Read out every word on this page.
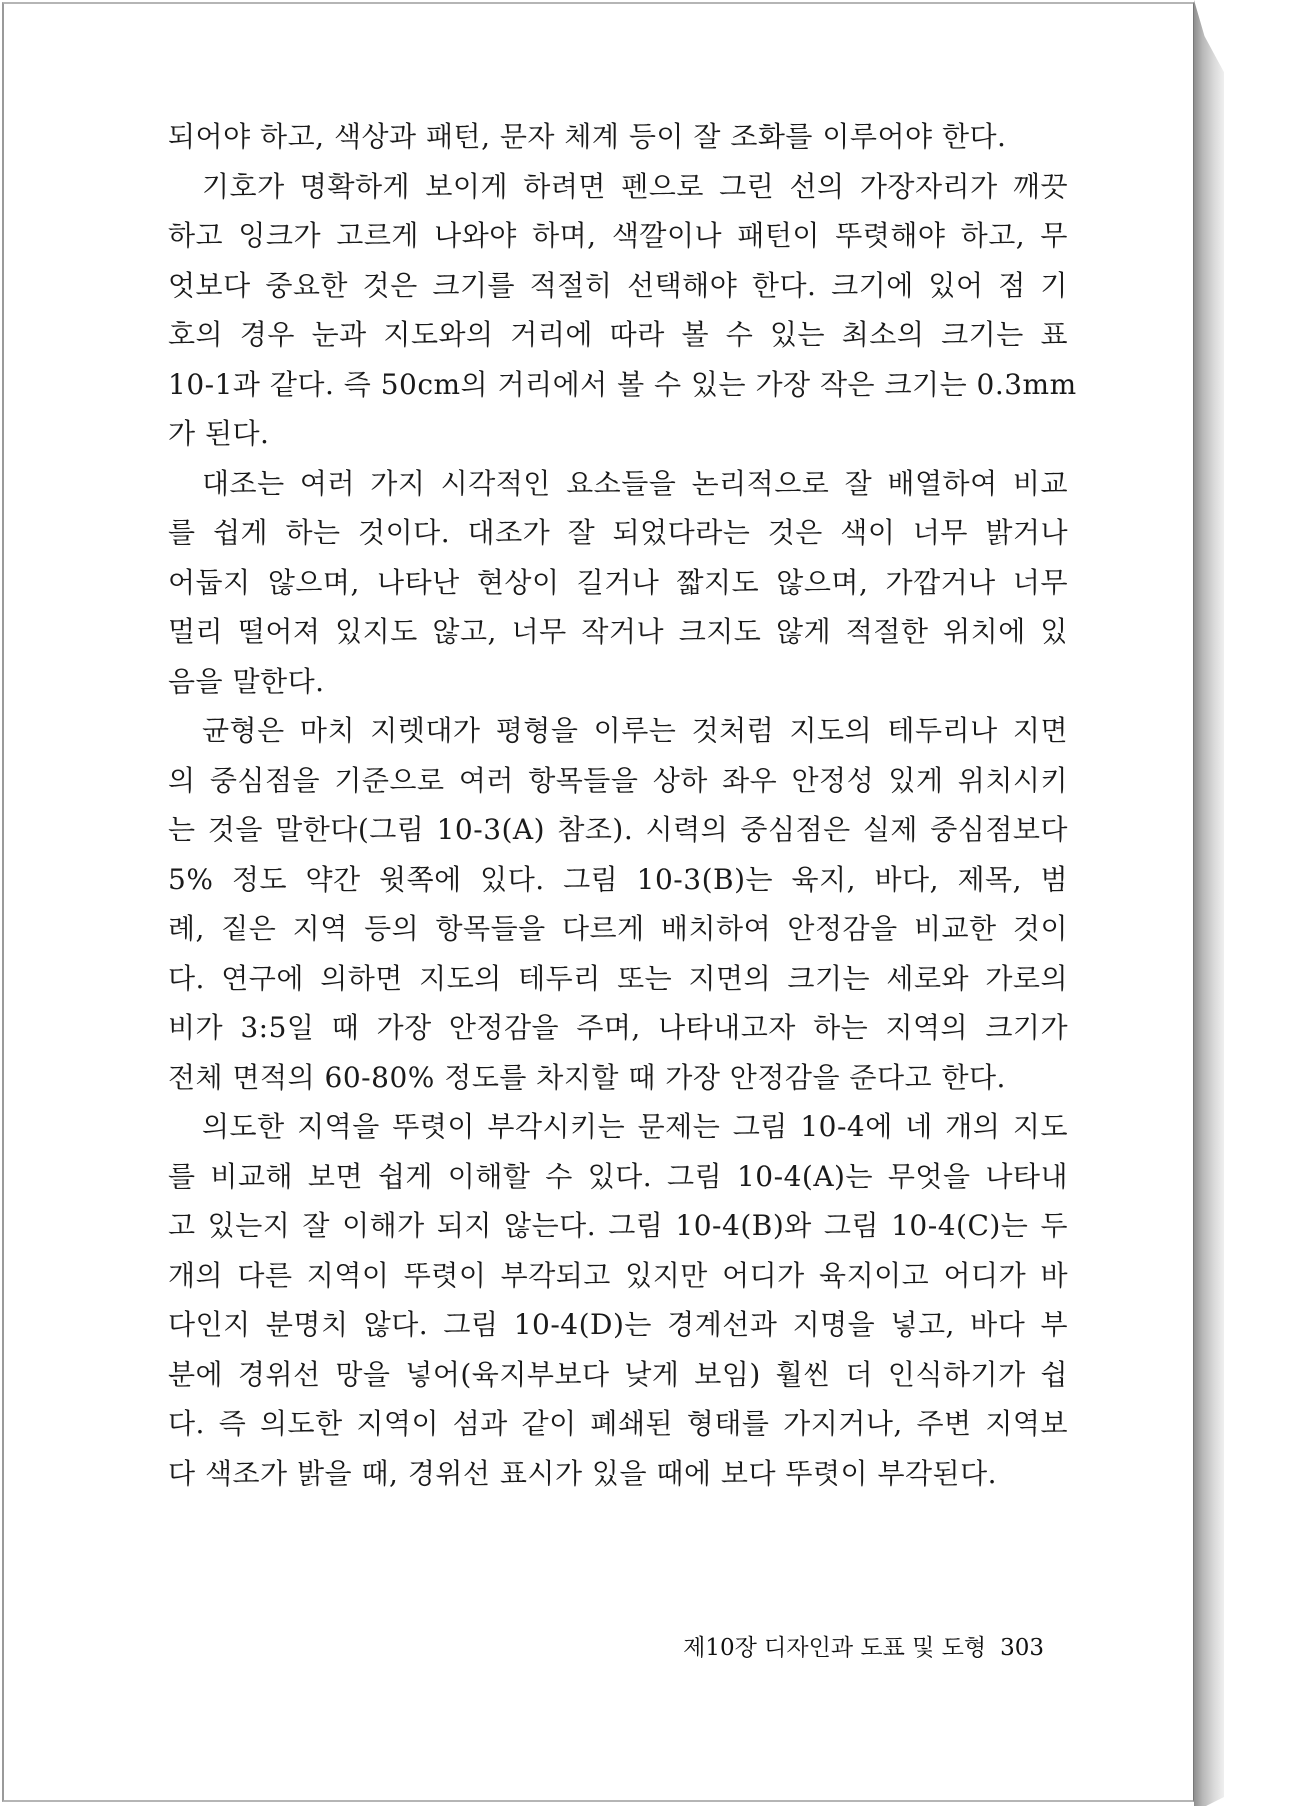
되어야 하고, 색상과 패턴, 문자 체계 등이 잘 조화를 이루어야 한다.
기호가 명확하게 보이게 하려면 펜으로 그린 선의 가장자리가 깨끗
하고 잉크가 고르게 나와야 하며, 색깔이나 패턴이 뚜렷해야 하고, 무
엇보다 중요한 것은 크기를 적절히 선택해야 한다. 크기에 있어 점 기
호의 경우 눈과 지도와의 거리에 따라 볼 수 있는 최소의 크기는 표
10-1과 같다. 즉 50cm의 거리에서 볼 수 있는 가장 작은 크기는 0.3mm
가 된다.
대조는 여러 가지 시각적인 요소들을 논리적으로 잘 배열하여 비교
를 쉽게 하는 것이다. 대조가 잘 되었다라는 것은 색이 너무 밝거나
어둡지 않으며, 나타난 현상이 길거나 짧지도 않으며, 가깝거나 너무
멀리 떨어져 있지도 않고, 너무 작거나 크지도 않게 적절한 위치에 있
음을 말한다.
균형은 마치 지렛대가 평형을 이루는 것처럼 지도의 테두리나 지면
의 중심점을 기준으로 여러 항목들을 상하 좌우 안정성 있게 위치시키
는 것을 말한다(그림 10-3(A) 참조). 시력의 중심점은 실제 중심점보다
5% 정도 약간 윗쪽에 있다. 그림 10-3(B)는 육지, 바다, 제목, 범
례, 짙은 지역 등의 항목들을 다르게 배치하여 안정감을 비교한 것이
다. 연구에 의하면 지도의 테두리 또는 지면의 크기는 세로와 가로의
비가 3:5일 때 가장 안정감을 주며, 나타내고자 하는 지역의 크기가
전체 면적의 60-80% 정도를 차지할 때 가장 안정감을 준다고 한다.
의도한 지역을 뚜렷이 부각시키는 문제는 그림 10-4에 네 개의 지도
를 비교해 보면 쉽게 이해할 수 있다. 그림 10-4(A)는 무엇을 나타내
고 있는지 잘 이해가 되지 않는다. 그림 10-4(B)와 그림 10-4(C)는 두
개의 다른 지역이 뚜렷이 부각되고 있지만 어디가 육지이고 어디가 바
다인지 분명치 않다. 그림 10-4(D)는 경계선과 지명을 넣고, 바다 부
분에 경위선 망을 넣어(육지부보다 낮게 보임) 훨씬 더 인식하기가 쉽
다. 즉 의도한 지역이 섬과 같이 폐쇄된 형태를 가지거나, 주변 지역보
다 색조가 밝을 때, 경위선 표시가 있을 때에 보다 뚜렷이 부각된다.
제10장 디자인과 도표 및 도형 303
